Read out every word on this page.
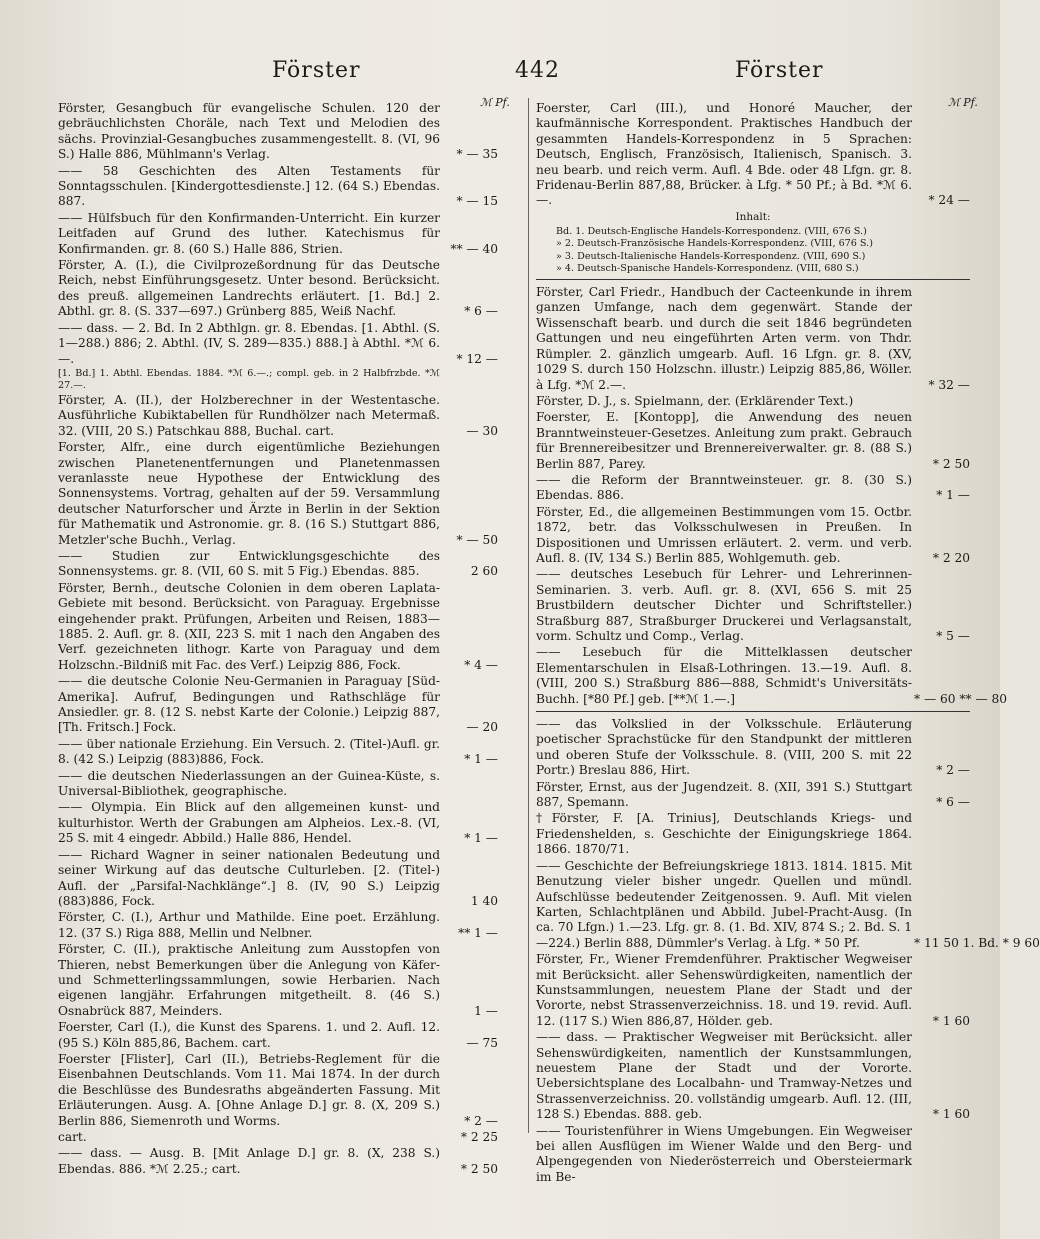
Förster	442	Förster
ℳ Pf.	ℳ Pf.
Förster, Gesangbuch für evangelische Schulen. 120 der gebräuchlichsten Choräle, nach Text und Melodien des sächs. Provinzial-Gesangbuches zusammengestellt. 8. (VI, 96 S.) Halle 886, Mühlmann's Verlag.	* — 35
—— 58 Geschichten des Alten Testaments für Sonntagsschulen. [Kindergottesdienste.] 12. (64 S.) Ebendas. 887.	* — 15
—— Hülfsbuch für den Konfirmanden-Unterricht. Ein kurzer Leitfaden auf Grund des luther. Katechismus für Konfirmanden. gr. 8. (60 S.) Halle 886, Strien.	** — 40
Förster, A. (I.), die Civilprozeßordnung für das Deutsche Reich, nebst Einführungsgesetz. Unter besond. Berücksicht. des preuß. allgemeinen Landrechts erläutert. [1. Bd.] 2. Abthl. gr. 8. (S. 337—697.) Grünberg 885, Weiß Nachf.	* 6 —
—— dass. — 2. Bd. In 2 Abthlgn. gr. 8. Ebendas. [1. Abthl. (S. 1—288.) 886; 2. Abthl. (IV, S. 289—835.) 888.] à Abthl. *ℳ 6.—.	* 12 —
[1. Bd.] 1. Abthl. Ebendas. 1884. *ℳ 6.—.; compl. geb. in 2 Halbfrzbde. *ℳ 27.—.
Förster, A. (II.), der Holzberechner in der Westentasche. Ausführliche Kubiktabellen für Rundhölzer nach Metermaß. 32. (VIII, 20 S.) Patschkau 888, Buchal. cart.	— 30
Forster, Alfr., eine durch eigentümliche Beziehungen zwischen Planetenentfernungen und Planetenmassen veranlasste neue Hypothese der Entwicklung des Sonnensystems. Vortrag, gehalten auf der 59. Versammlung deutscher Naturforscher und Ärzte in Berlin in der Sektion für Mathematik und Astronomie. gr. 8. (16 S.) Stuttgart 886, Metzler'sche Buchh., Verlag.	* — 50
—— Studien zur Entwicklungsgeschichte des Sonnensystems. gr. 8. (VII, 60 S. mit 5 Fig.) Ebendas. 885.	2 60
Förster, Bernh., deutsche Colonien in dem oberen Laplata-Gebiete mit besond. Berücksicht. von Paraguay. Ergebnisse eingehender prakt. Prüfungen, Arbeiten und Reisen, 1883—1885. 2. Aufl. gr. 8. (XII, 223 S. mit 1 nach den Angaben des Verf. gezeichneten lithogr. Karte von Paraguay und dem Holzschn.-Bildniß mit Fac. des Verf.) Leipzig 886, Fock.	* 4 —
—— die deutsche Colonie Neu-Germanien in Paraguay [Süd-Amerika]. Aufruf, Bedingungen und Rathschläge für Ansiedler. gr. 8. (12 S. nebst Karte der Colonie.) Leipzig 887, [Th. Fritsch.] Fock.	— 20
—— über nationale Erziehung. Ein Versuch. 2. (Titel-)Aufl. gr. 8. (42 S.) Leipzig (883)886, Fock.	* 1 —
—— die deutschen Niederlassungen an der Guinea-Küste, s. Universal-Bibliothek, geographische.
—— Olympia. Ein Blick auf den allgemeinen kunst- und kulturhistor. Werth der Grabungen am Alpheios. Lex.-8. (VI, 25 S. mit 4 eingedr. Abbild.) Halle 886, Hendel.	* 1 —
—— Richard Wagner in seiner nationalen Bedeutung und seiner Wirkung auf das deutsche Culturleben. [2. (Titel-) Aufl. der „Parsifal-Nachklänge“.] 8. (IV, 90 S.) Leipzig (883)886, Fock.	1 40
Förster, C. (I.), Arthur und Mathilde. Eine poet. Erzählung. 12. (37 S.) Riga 888, Mellin und Nelbner.	** 1 —
Förster, C. (II.), praktische Anleitung zum Ausstopfen von Thieren, nebst Bemerkungen über die Anlegung von Käfer- und Schmetterlingssammlungen, sowie Herbarien. Nach eigenen langjähr. Erfahrungen mitgetheilt. 8. (46 S.) Osnabrück 887, Meinders.	1 —
Foerster, Carl (I.), die Kunst des Sparens. 1. und 2. Aufl. 12. (95 S.) Köln 885,86, Bachem. cart.	— 75
Foerster [Flister], Carl (II.), Betriebs-Reglement für die Eisenbahnen Deutschlands. Vom 11. Mai 1874. In der durch die Beschlüsse des Bundesraths abgeänderten Fassung. Mit Erläuterungen. Ausg. A. [Ohne Anlage D.] gr. 8. (X, 209 S.) Berlin 886, Siemenroth und Worms.	* 2 —
cart.	* 2 25
—— dass. — Ausg. B. [Mit Anlage D.] gr. 8. (X, 238 S.) Ebendas. 886. *ℳ 2.25.; cart.	* 2 50
Foerster, Carl (III.), und Honoré Maucher, der kaufmännische Korrespondent. Praktisches Handbuch der gesammten Handels-Korrespondenz in 5 Sprachen: Deutsch, Englisch, Französisch, Italienisch, Spanisch. 3. neu bearb. und reich verm. Aufl. 4 Bde. oder 48 Lfgn. gr. 8. Fridenau-Berlin 887,88, Brücker. à Lfg. * 50 Pf.; à Bd. *ℳ 6. —.	* 24 —
Inhalt:
Bd. 1. Deutsch-Englische Handels-Korrespondenz. (VIII, 676 S.)
» 2. Deutsch-Französische Handels-Korrespondenz. (VIII, 676 S.)
» 3. Deutsch-Italienische Handels-Korrespondenz. (VIII, 690 S.)
» 4. Deutsch-Spanische Handels-Korrespondenz. (VIII, 680 S.)
Förster, Carl Friedr., Handbuch der Cacteenkunde in ihrem ganzen Umfange, nach dem gegenwärt. Stande der Wissenschaft bearb. und durch die seit 1846 begründeten Gattungen und neu eingeführten Arten verm. von Thdr. Rümpler. 2. gänzlich umgearb. Aufl. 16 Lfgn. gr. 8. (XV, 1029 S. durch 150 Holzschn. illustr.) Leipzig 885,86, Wöller. à Lfg. *ℳ 2.—.	* 32 —
Förster, D. J., s. Spielmann, der. (Erklärender Text.)
Foerster, E. [Kontopp], die Anwendung des neuen Branntweinsteuer-Gesetzes. Anleitung zum prakt. Gebrauch für Brennereibesitzer und Brennereiverwalter. gr. 8. (88 S.) Berlin 887, Parey.	* 2 50
—— die Reform der Branntweinsteuer. gr. 8. (30 S.) Ebendas. 886.	* 1 —
Förster, Ed., die allgemeinen Bestimmungen vom 15. Octbr. 1872, betr. das Volksschulwesen in Preußen. In Dispositionen und Umrissen erläutert. 2. verm. und verb. Aufl. 8. (IV, 134 S.) Berlin 885, Wohlgemuth. geb.	* 2 20
—— deutsches Lesebuch für Lehrer- und Lehrerinnen-Seminarien. 3. verb. Aufl. gr. 8. (XVI, 656 S. mit 25 Brustbildern deutscher Dichter und Schriftsteller.) Straßburg 887, Straßburger Druckerei und Verlagsanstalt, vorm. Schultz und Comp., Verlag.	* 5 —
—— Lesebuch für die Mittelklassen deutscher Elementarschulen in Elsaß-Lothringen. 13.—19. Aufl. 8. (VIII, 200 S.) Straßburg 886—888, Schmidt's Universitäts-Buchh. [*80 Pf.] geb. [**ℳ 1.—.]	* — 60 ** — 80
—— das Volkslied in der Volksschule. Erläuterung poetischer Sprachstücke für den Standpunkt der mittleren und oberen Stufe der Volksschule. 8. (VIII, 200 S. mit 22 Portr.) Breslau 886, Hirt.	* 2 —
Förster, Ernst, aus der Jugendzeit. 8. (XII, 391 S.) Stuttgart 887, Spemann.	* 6 —
†Förster, F. [A. Trinius], Deutschlands Kriegs- und Friedenshelden, s. Geschichte der Einigungskriege 1864. 1866. 1870/71.
—— Geschichte der Befreiungskriege 1813. 1814. 1815. Mit Benutzung vieler bisher ungedr. Quellen und mündl. Aufschlüsse bedeutender Zeitgenossen. 9. Aufl. Mit vielen Karten, Schlachtplänen und Abbild. Jubel-Pracht-Ausg. (In ca. 70 Lfgn.) 1.—23. Lfg. gr. 8. (1. Bd. XIV, 874 S.; 2. Bd. S. 1—224.) Berlin 888, Dümmler's Verlag. à Lfg. * 50 Pf.	* 11 50 1. Bd. * 9 60
Förster, Fr., Wiener Fremdenführer. Praktischer Wegweiser mit Berücksicht. aller Sehenswürdigkeiten, namentlich der Kunstsammlungen, neuestem Plane der Stadt und der Vororte, nebst Strassenverzeichniss. 18. und 19. revid. Aufl. 12. (117 S.) Wien 886,87, Hölder. geb.	* 1 60
—— dass. — Praktischer Wegweiser mit Berücksicht. aller Sehenswürdigkeiten, namentlich der Kunstsammlungen, neuestem Plane der Stadt und der Vororte. Uebersichtsplane des Localbahn- und Tramway-Netzes und Strassenverzeichniss. 20. vollständig umgearb. Aufl. 12. (III, 128 S.) Ebendas. 888. geb.	* 1 60
—— Touristenführer in Wiens Umgebungen. Ein Wegweiser bei allen Ausflügen im Wiener Walde und den Berg- und Alpengegenden von Niederösterreich und Obersteiermark im Be-
